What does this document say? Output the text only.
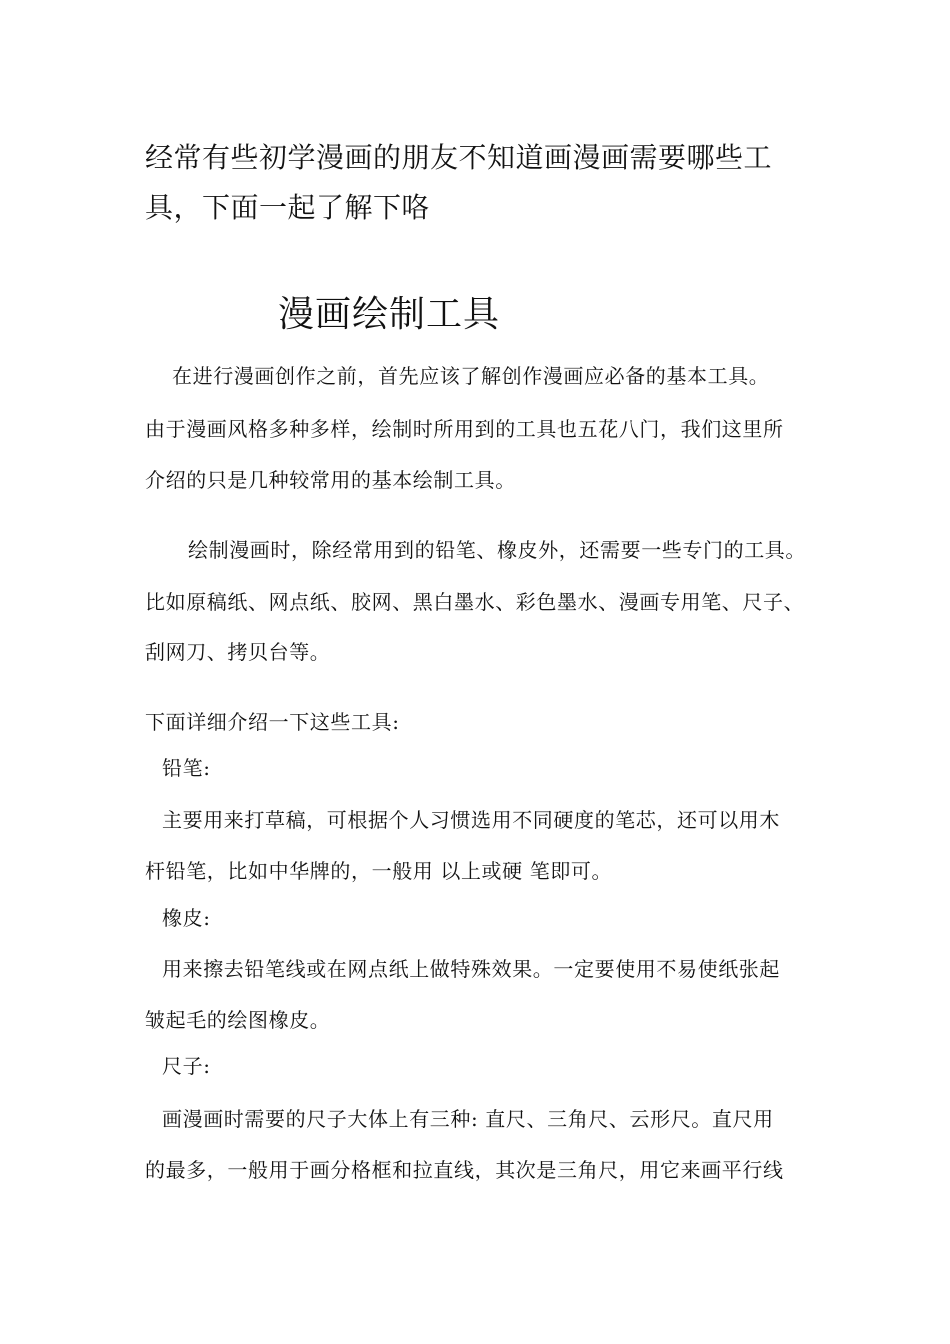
经常有些初学漫画的朋友不知道画漫画需要哪些工

具，下面一起了解下咯

漫画绘制工具

在进行漫画创作之前，首先应该了解创作漫画应必备的基本工具。

由于漫画风格多种多样，绘制时所用到的工具也五花八门，我们这里所

介绍的只是几种较常用的基本绘制工具。

绘制漫画时，除经常用到的铅笔、橡皮外，还需要一些专门的工具。

比如原稿纸、网点纸、胶网、黑白墨水、彩色墨水、漫画专用笔、尺子、

刮网刀、拷贝台等。

下面详细介绍一下这些工具:

铅笔:

主要用来打草稿，可根据个人习惯选用不同硬度的笔芯，还可以用木

杆铅笔，比如中华牌的，一般用 以上或硬 笔即可。

橡皮:

用来擦去铅笔线或在网点纸上做特殊效果。一定要使用不易使纸张起

皱起毛的绘图橡皮。

尺子:

画漫画时需要的尺子大体上有三种: 直尺、三角尺、云形尺。直尺用

的最多，一般用于画分格框和拉直线，其次是三角尺，用它来画平行线
